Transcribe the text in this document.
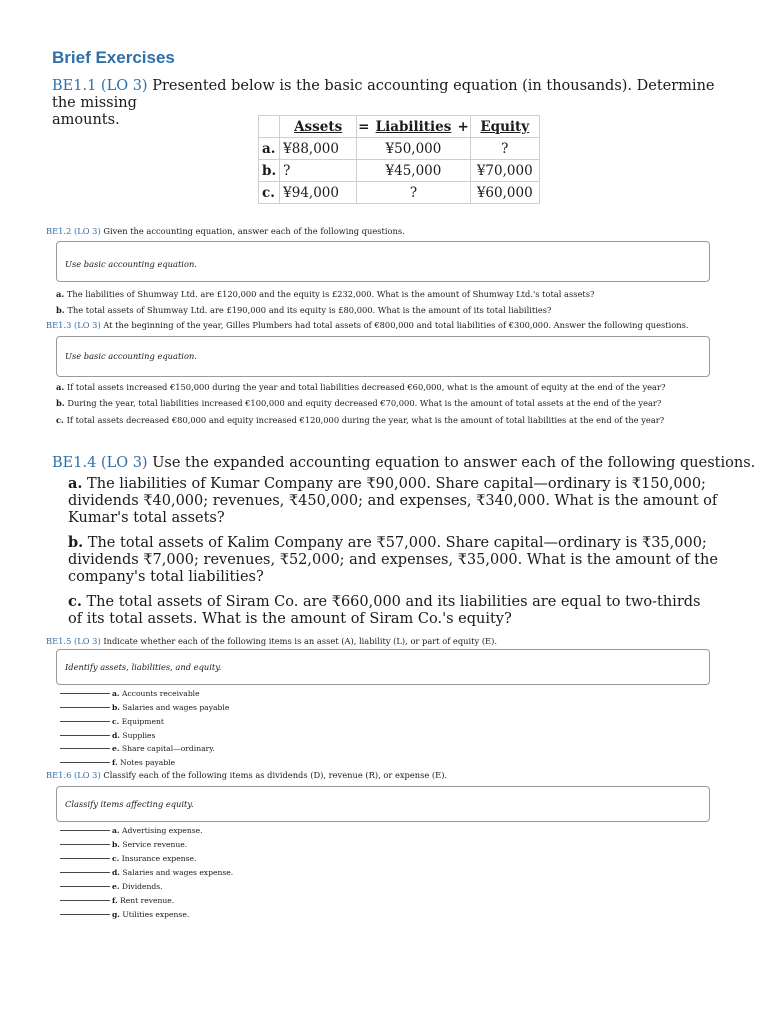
Brief Exercises
BE1.1 (LO 3) Presented below is the basic accounting equation (in thousands). Determine the missing
amounts.
		Assets	=	Liabilities	+	Equity
a.	¥88,000	¥50,000			?
b.	?	¥45,000			¥70,000
c.	¥94,000	?			¥60,000
BE1.2 (LO 3) Given the accounting equation, answer each of the following questions.
Use basic accounting equation.
a. The liabilities of Shumway Ltd. are £120,000 and the equity is £232,000. What is the amount of Shumway Ltd.'s total assets?
b. The total assets of Shumway Ltd. are £190,000 and its equity is £80,000. What is the amount of its total liabilities?
BE1.3 (LO 3) At the beginning of the year, Gilles Plumbers had total assets of €800,000 and total liabilities of €300,000. Answer the following questions.
Use basic accounting equation.
a. If total assets increased €150,000 during the year and total liabilities decreased €60,000, what is the amount of equity at the end of the year?
b. During the year, total liabilities increased €100,000 and equity decreased €70,000. What is the amount of total assets at the end of the year?
c. If total assets decreased €80,000 and equity increased €120,000 during the year, what is the amount of total liabilities at the end of the year?
BE1.4 (LO 3) Use the expanded accounting equation to answer each of the following questions.
a. The liabilities of Kumar Company are ₹90,000. Share capital—ordinary is ₹150,000; dividends ₹40,000; revenues, ₹450,000; and expenses, ₹340,000. What is the amount of Kumar's total assets?
b. The total assets of Kalim Company are ₹57,000. Share capital—ordinary is ₹35,000; dividends ₹7,000; revenues, ₹52,000; and expenses, ₹35,000. What is the amount of the company's total liabilities?
c. The total assets of Siram Co. are ₹660,000 and its liabilities are equal to two-thirds of its total assets. What is the amount of Siram Co.'s equity?
BE1.5 (LO 3) Indicate whether each of the following items is an asset (A), liability (L), or part of equity (E).
Identify assets, liabilities, and equity.
a. Accounts receivable
b. Salaries and wages payable
c. Equipment
d. Supplies
e. Share capital—ordinary.
f. Notes payable
BE1.6 (LO 3) Classify each of the following items as dividends (D), revenue (R), or expense (E).
Classify items affecting equity.
a. Advertising expense.
b. Service revenue.
c. Insurance expense.
d. Salaries and wages expense.
e. Dividends.
f. Rent revenue.
g. Utilities expense.
